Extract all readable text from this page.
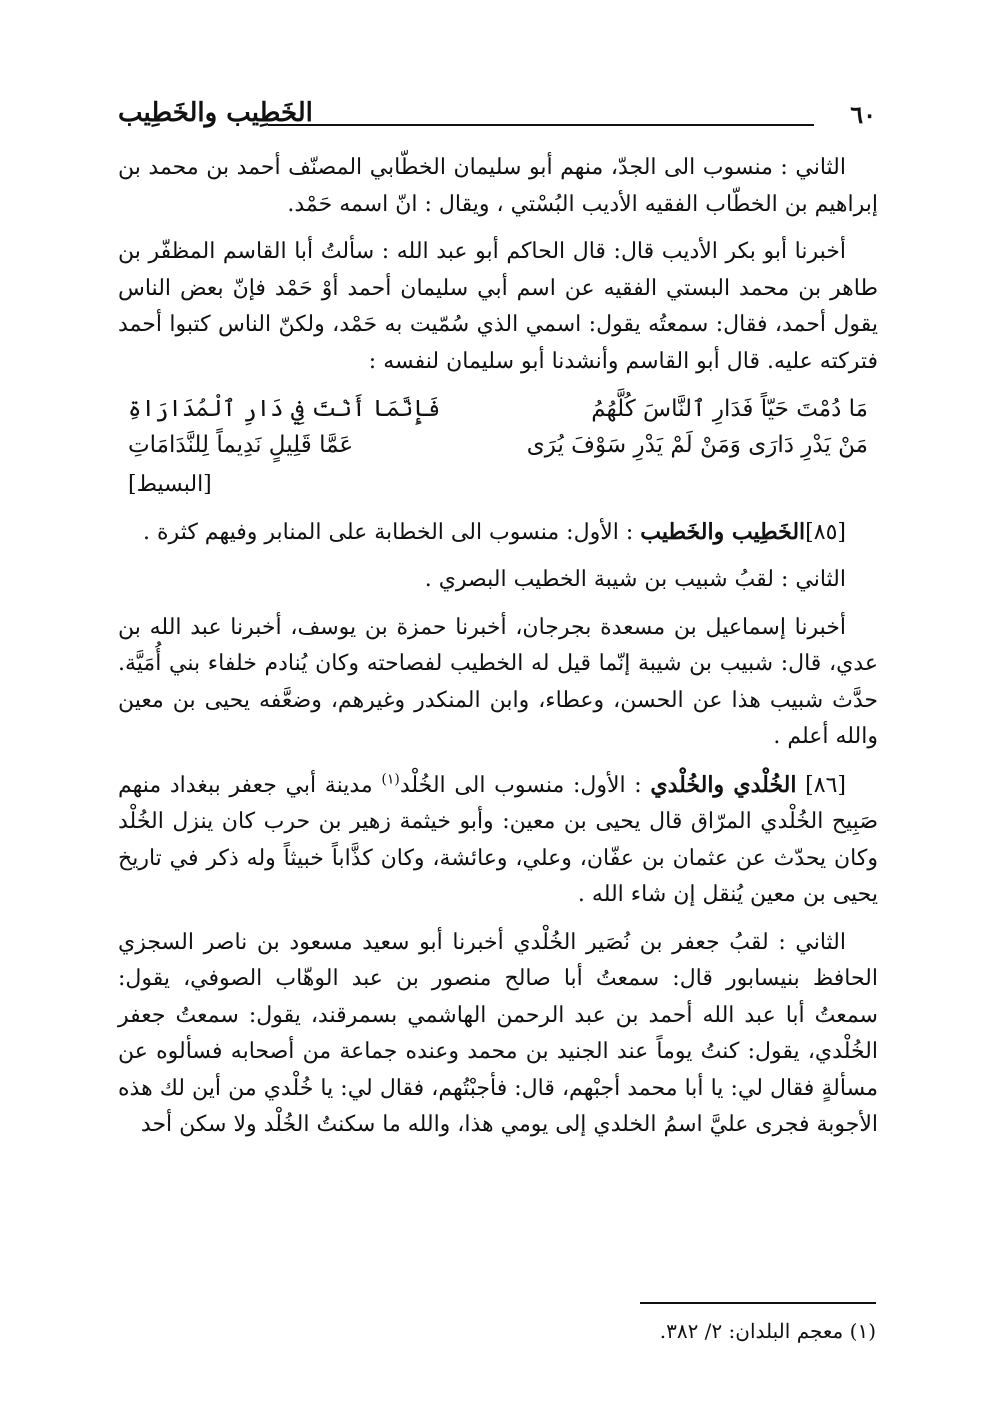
٦٠
الخَطِيب والخَطِيب

الثاني : منسوب الى الجدّ، منهم أبو سليمان الخطّابي المصنّف أحمد بن محمد بن إبراهيم بن الخطّاب الفقيه الأديب البُسْتي ، ويقال : انّ اسمه حَمْد.

أخبرنا أبو بكر الأديب قال: قال الحاكم أبو عبد الله : سألتُ أبا القاسم المظفّر بن طاهر بن محمد البستي الفقيه عن اسم أبي سليمان أحمد أوْ حَمْد فإنّ بعض الناس يقول أحمد، فقال: سمعتُه يقول: اسمي الذي سُمّيت به حَمْد، ولكنّ الناس كتبوا أحمد فتركته عليه. قال أبو القاسم وأنشدنا أبو سليمان لنفسه :

مَا دُمْتَ حَيّاً فَدَارِ ٱلنَّاسَ كُلَّهُمُ
فَإِنَّمَا أَنْتَ فِي دَارِ ٱلْمُدَارَاةِ
مَنْ يَدْرِ دَارَى وَمَنْ لَمْ يَدْرِ سَوْفَ يُرَى
عَمَّا قَلِيلٍ نَدِيماً لِلنَّدَامَاتِ
[البسيط]

[٨٥]الخَطِيب والخَطيب : الأول: منسوب الى الخطابة على المنابر وفيهم كثرة .

الثاني : لقبُ شبيب بن شيبة الخطيب البصري .

أخبرنا إسماعيل بن مسعدة بجرجان، أخبرنا حمزة بن يوسف، أخبرنا عبد الله بن عدي، قال: شبيب بن شيبة إنّما قيل له الخطيب لفصاحته وكان يُنادم خلفاء بني أُمَيَّة. حدَّث شبيب هذا عن الحسن، وعطاء، وابن المنكدر وغيرهم، وضعَّفه يحيى بن معين والله أعلم .

[٨٦] الخُلْدي والخُلْدي : الأول: منسوب الى الخُلْد$^{(١)}$ مدينة أبي جعفر ببغداد منهم صَبِيح الخُلْدي المرّاق قال يحيى بن معين: وأبو خيثمة زهير بن حرب كان ينزل الخُلْد وكان يحدّث عن عثمان بن عفّان، وعلي، وعائشة، وكان كذَّاباً خبيثاً وله ذكر في تاريخ يحيى بن معين يُنقل إن شاء الله .

الثاني : لقبُ جعفر بن نُصَير الخُلْدي أخبرنا أبو سعيد مسعود بن ناصر السجزي الحافظ بنيسابور قال: سمعتُ أبا صالح منصور بن عبد الوهّاب الصوفي، يقول: سمعتُ أبا عبد الله أحمد بن عبد الرحمن الهاشمي بسمرقند، يقول: سمعتُ جعفر الخُلْدي، يقول: كنتُ يوماً عند الجنيد بن محمد وعنده جماعة من أصحابه فسألوه عن مسألةٍ فقال لي: يا أبا محمد أجبْهم، قال: فأجبْتُهم، فقال لي: يا خُلْدي من أين لك هذه الأجوبة فجرى عليَّ اسمُ الخلدي إلى يومي هذا، والله ما سكنتُ الخُلْد ولا سكن أحد

(١) معجم البلدان: ٢/ ٣٨٢.
